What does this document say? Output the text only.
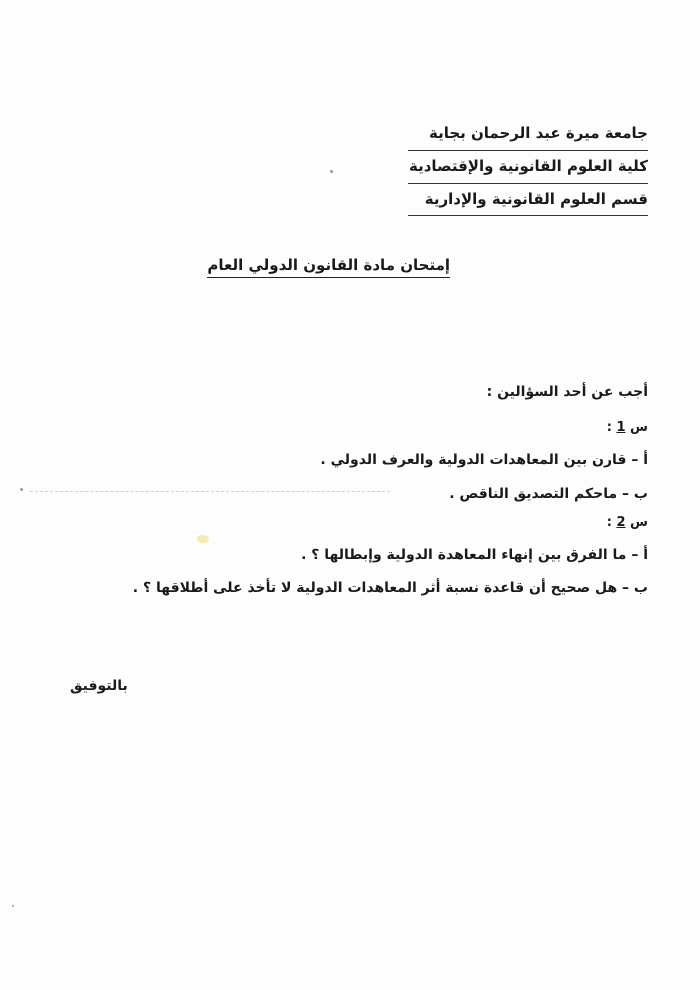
جامعة ميرة عبد الرحمان بجاية
كلية العلوم القانونية والإقتصادية
قسم العلوم القانونية والإدارية
إمتحان مادة القانون الدولي العام
أجب عن أحد السؤالين :
س 1 :
أ – قارن بين المعاهدات الدولية والعرف الدولي .
ب – ماحكم التصديق الناقص .
س 2 :
أ – ما الفرق بين إنهاء المعاهدة الدولية وإبطالها ؟ .
ب – هل صحيح أن قاعدة نسبة أثر المعاهدات الدولية لا تأخذ على أطلاقها ؟ .
بالتوفيق
